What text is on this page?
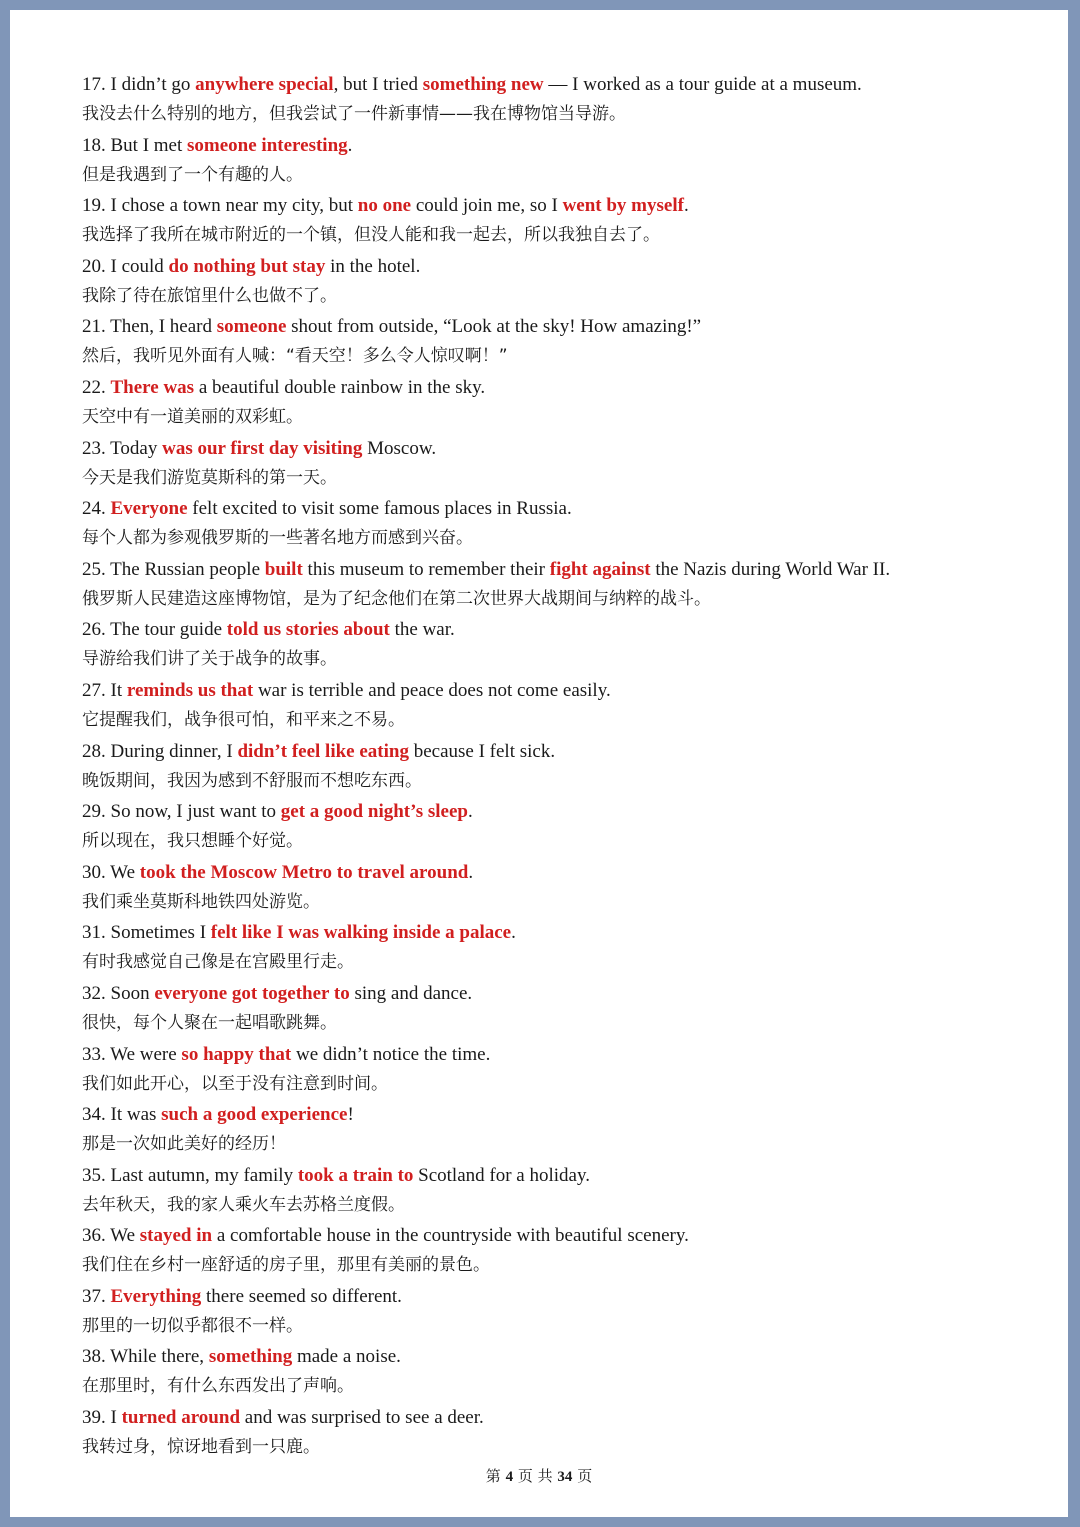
17. I didn’t go anywhere special, but I tried something new — I worked as a tour guide at a museum.
我没去什么特别的地方，但我尝试了一件新事情——我在博物馆当导游。
18. But I met someone interesting.
但是我遇到了一个有趣的人。
19. I chose a town near my city, but no one could join me, so I went by myself.
我选择了我所在城市附近的一个镇，但没人能和我一起去，所以我独自去了。
20. I could do nothing but stay in the hotel.
我除了待在旅馆里什么也做不了。
21. Then, I heard someone shout from outside, “Look at the sky! How amazing!”
然后，我听见外面有人喊：“看天空！多么令人惊叹啊！”
22. There was a beautiful double rainbow in the sky.
天空中有一道美丽的双彩虹。
23. Today was our first day visiting Moscow.
今天是我们游览莫斯科的第一天。
24. Everyone felt excited to visit some famous places in Russia.
每个人都为参观俄罗斯的一些著名地方而感到兴奋。
25. The Russian people built this museum to remember their fight against the Nazis during World War II.
俄罗斯人民建造这座博物馆，是为了纪念他们在第二次世界大战期间与纳粹的战斗。
26. The tour guide told us stories about the war.
导游给我们讲了关于战争的故事。
27. It reminds us that war is terrible and peace does not come easily.
它提醒我们，战争很可怕，和平来之不易。
28. During dinner, I didn’t feel like eating because I felt sick.
晚饭期间，我因为感到不舒服而不想吃东西。
29. So now, I just want to get a good night’s sleep.
所以现在，我只想睡个好觉。
30. We took the Moscow Metro to travel around.
我们乘坐莫斯科地铁四处游览。
31. Sometimes I felt like I was walking inside a palace.
有时我感觉自己像是在宫殿里行走。
32. Soon everyone got together to sing and dance.
很快，每个人聚在一起唱歌跳舞。
33. We were so happy that we didn’t notice the time.
我们如此开心，以至于没有注意到时间。
34. It was such a good experience!
那是一次如此美好的经历！
35. Last autumn, my family took a train to Scotland for a holiday.
去年秋天，我的家人乘火车去苏格兰度假。
36. We stayed in a comfortable house in the countryside with beautiful scenery.
我们住在乡村一座舒适的房子里，那里有美丽的景色。
37. Everything there seemed so different.
那里的一切似乎都很不一样。
38. While there, something made a noise.
在那里时，有什么东西发出了声响。
39. I turned around and was surprised to see a deer.
我转过身，惊讶地看到一只鹿。
第 4 页 共 34 页
